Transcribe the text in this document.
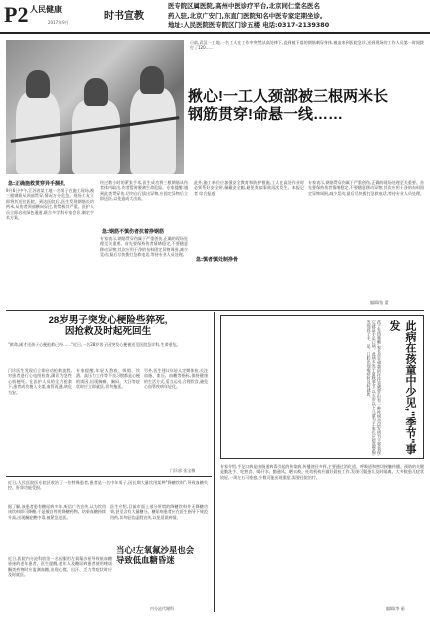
P2 人民健康
2017年9月
时书宣教
医专院区属医院,高州中医诊疗平台,北京同仁堂名医名
药入驻,北京广安门,东直门医院知名中医专家定期坐诊。
地址:人民医院医专院区门诊五楼 电话:0317-2139380
日前,武汉一工地,一名工人在工作中突然从高处摔下,直到被下落的钢筋刺穿身体,被迫来到医院急诊,送到现场的工作人员第一时间拨打了120……
揪心!一工人颈部被三根两米长
钢筋贯穿!命悬一线……
急:正确施救贯穿异手捆扎
9月6日中午,江苏省某工地一名男子在施工现场,被三根钢筋从颈部贯穿,情况万分危急。现场工友立即将其送往医院。到达医院后,医生发现钢筋长约两米,从伤者颈部横向穿过,伤势极其严重。医护人员立即启动绿色通道,联合多学科专家会诊,制定手术方案。
经过数小时的紧张手术,医生成功将三根钢筋从伤者体内取出,伤者暂时脱离生命危险。专家提醒:遇到此类贯穿伤,切勿自行拔出异物,应固定异物后立即送医,以免造成大出血。
急:钢筋不慎伤者抗着挣钢筋
专家表示,钢筋贯穿伤属于严重创伤,正确的现场处理至关重要。首先要保持伤者情绪稳定,不要随意移动异物;其次应用干净的布料固定异物周围,减少晃动;最后尽快拨打急救电话,等待专业人员处理。
此外,施工单位应加强安全教育和防护措施,工人在高处作业时必须系好安全带,佩戴安全帽,避免类似事故再次发生。本报记者 综合报道
急:慎者慎处制挣骨
专家表示,钢筋贯穿伤属于严重创伤,正确的现场处理至关重要。首先要保持伤者情绪稳定,不要随意移动异物;其次应用干净的布料固定异物周围,减少晃动;最后尽快拨打急救电话,等待专业人员处理。
编辑/张 蕾
28岁男子突发心梗险些猝死,
因抢救及时起死回生
"救命,刚才送孩子心梗抢救已经……"近日,一名28岁男子因突发心梗被送至医院急诊科,生命垂危。
门诊医生发现后立即启动抢救流程,对患者进行心电图检查,确诊为急性心肌梗死。在医护人员的全力抢救下,患者成功植入支架,血管再通,转危为安。
专家提醒,年轻人熬夜、吸烟、饮酒、高压力工作等不良习惯都是心梗的诱因,出现胸痛、胸闷、大汗等症状时应立即就医,切勿拖延。
另外,医生建议年轻人定期体检,关注血脂、血压、血糖等指标,保持健康的生活方式,适当运动,合理饮食,避免心血管疾病年轻化。
门诊部 张宝梅
此病在孩童中少见,"季节"事发
孩子发热咳嗽,家长首先想到的往往是感冒,但有一种疾病也以发热为主要表现,它就是手足口病。此病多发于夏秋季节,以五岁以下儿童为主,家长应提高警惕,发现孩子手、足、口腔出现疱疹时及时就医。
专家介绍,手足口病是由肠道病毒引起的传染病,传播途径多样,主要通过消化道、呼吸道和密切接触传播。预防的关键是勤洗手、吃熟食、喝开水、勤通风、晒衣被。托幼机构应做好晨检工作,发现可疑患儿及时隔离。大多数患儿症状较轻,一周左右可痊愈,少数可能出现重症,需要住院治疗。
编辑/李 丽
近日,人民医院医专院区收治了一位特殊患者,患者是一名中年男子,因长期大量饮用某种"降糖饮料",导致血糖失控、肝肾功能受损。
据了解,该患者患有糖尿病多年,听信广告宣传,认为饮用该饮料即可降糖,于是擅自停用降糖药物。结果血糖持续升高,出现酮症酸中毒,被紧急送医。
医生介绍,目前市面上部分所谓的降糖饮料并无降糖功效,甚至含有大量糖分。糖尿病患者应在医生指导下规范用药,切勿轻信虚假宣传,以免延误病情。
当心!左氧氟沙星也会
导致低血糖昏迷
近日,医院内分泌科收治一名因服用左氧氟沙星导致低血糖昏迷的老年患者。医生提醒,老年人及糖尿病患者使用喹诺酮类药物时应监测血糖,出现心慌、出汗、乏力等症状时应及时就医。
内分泌代谢科
